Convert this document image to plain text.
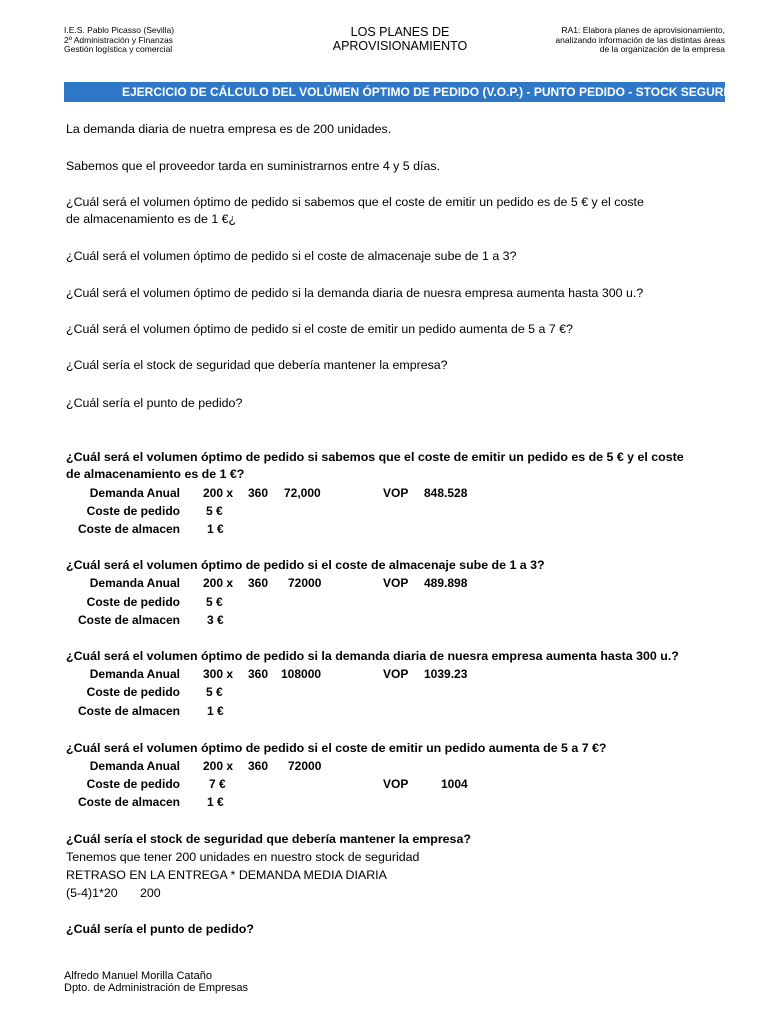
I.E.S. Pablo Picasso (Sevilla)
2º Administración y Finanzas
Gestión logística y comercial
LOS PLANES DE
APROVISIONAMIENTO
RA1: Elabora planes de aprovisionamiento,
analizando información de las distintas áreas
de la organización de la empresa
EJERCICIO DE CÁLCULO DEL VOLÚMEN ÓPTIMO DE PEDIDO (V.O.P.) - PUNTO PEDIDO - STOCK SEGURID
La demanda diaria de nuetra empresa es de 200 unidades.
Sabemos que el proveedor tarda en suministrarnos entre 4 y 5 días.
¿Cuál será el volumen óptimo de pedido si sabemos que el coste de emitir un pedido es de 5 € y el coste
de almacenamiento es de 1 €¿
¿Cuál será el volumen óptimo de pedido si el coste de almacenaje sube de 1 a 3?
¿Cuál será el volumen óptimo de pedido si la demanda diaria de nuesra empresa aumenta hasta 300 u.?
¿Cuál será el volumen óptimo de pedido si el coste de emitir un pedido aumenta de 5 a 7 €?
¿Cuál sería el stock de seguridad que debería mantener la empresa?
¿Cuál sería el punto de pedido?
¿Cuál será el volumen óptimo de pedido si sabemos que el coste de emitir un pedido es de 5 € y el coste
de almacenamiento es de 1 €?
Demanda Anual 200 x 360 72,000	VOP 848.528
Coste de pedido 5 €
Coste de almacen 1 €
¿Cuál será el volumen óptimo de pedido si el coste de almacenaje sube de 1 a 3?
Demanda Anual 200 x 360 72000	VOP 489.898
Coste de pedido 5 €
Coste de almacen 3 €
¿Cuál será el volumen óptimo de pedido si la demanda diaria de nuesra empresa aumenta hasta 300 u.?
Demanda Anual 300 x 360 108000	VOP 1039.23
Coste de pedido 5 €
Coste de almacen 1 €
¿Cuál será el volumen óptimo de pedido si el coste de emitir un pedido aumenta de 5 a 7 €?
Demanda Anual 200 x 360 72000
Coste de pedido 7 €	VOP	1004
Coste de almacen 1 €
¿Cuál sería el stock de seguridad que debería mantener la empresa?
Tenemos que tener 200 unidades en nuestro stock de seguridad
RETRASO EN LA ENTREGA * DEMANDA MEDIA DIARIA
(5-4)1*20 200
¿Cuál sería el punto de pedido?
Alfredo Manuel Morilla Cataño
Dpto. de Administración de Empresas
